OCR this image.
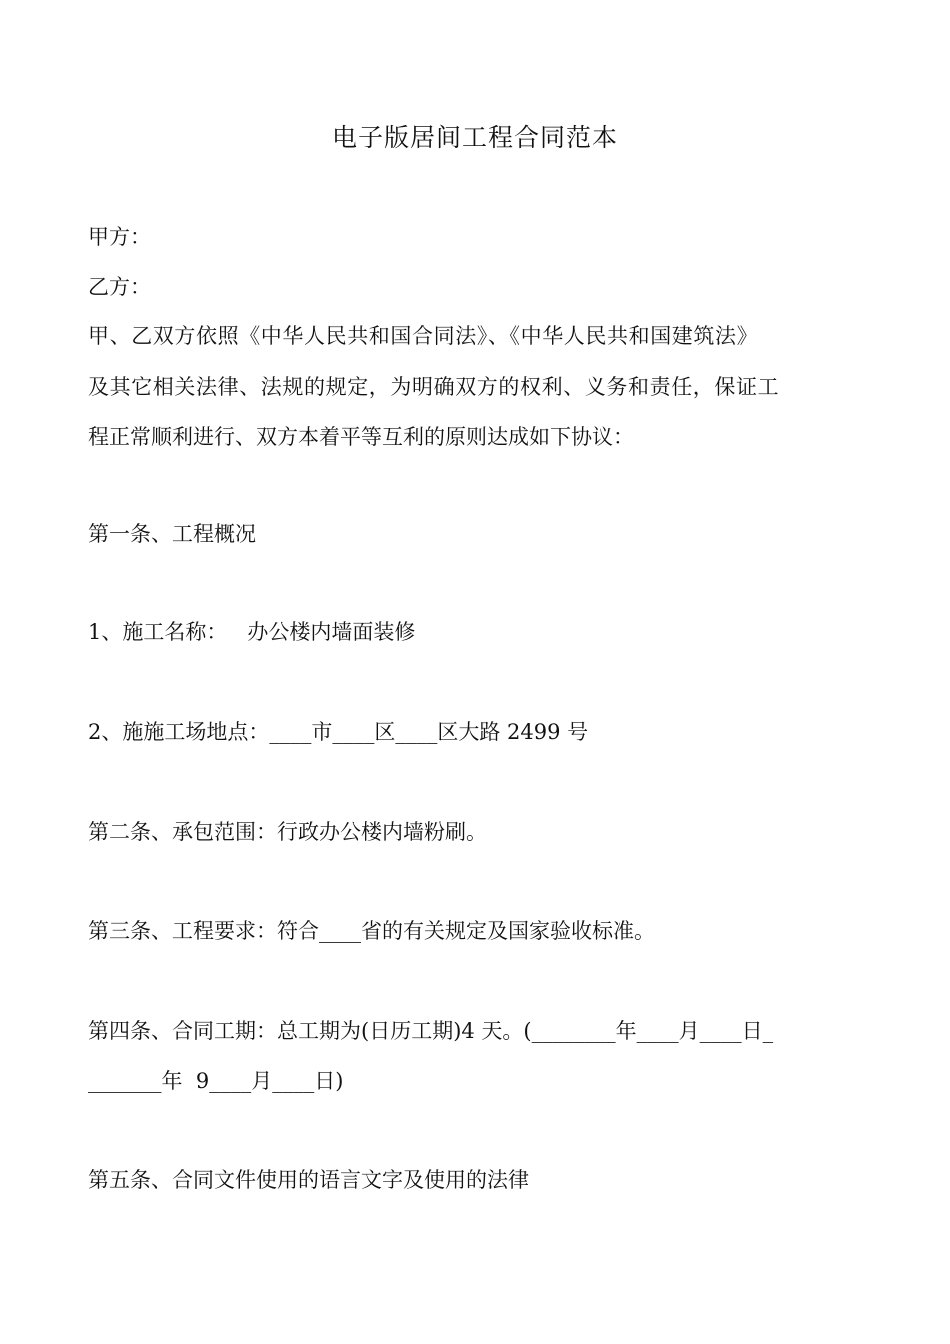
电子版居间工程合同范本
甲方：
乙方：
甲、乙双方依照《中华人民共和国合同法》、《中华人民共和国建筑法》
及其它相关法律、法规的规定，为明确双方的权利、义务和责任，保证工
程正常顺利进行、双方本着平等互利的原则达成如下协议：
第一条、工程概况
1、施工名称：   办公楼内墙面装修
2、施施工场地点：____市____区____区大路 2499 号
第二条、承包范围：行政办公楼内墙粉刷。
第三条、工程要求：符合____省的有关规定及国家验收标准。
第四条、合同工期：总工期为(日历工期)4 天。(________年____月____日_
_______年  9____月____日)
第五条、合同文件使用的语言文字及使用的法律
